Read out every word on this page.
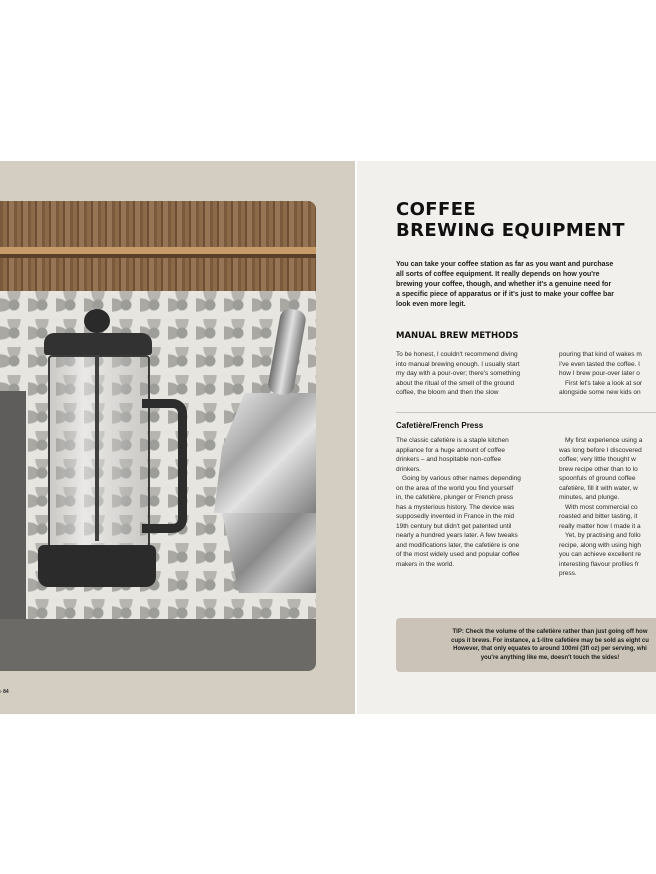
› 84
COFFEE
BREWING EQUIPMENT
You can take your coffee station as far as you want and purchase
all sorts of coffee equipment. It really depends on how you're
brewing your coffee, though, and whether it's a genuine need for
a specific piece of apparatus or if it's just to make your coffee bar
look even more legit.
MANUAL BREW METHODS
To be honest, I couldn't recommend diving
into manual brewing enough. I usually start
my day with a pour-over; there's something
about the ritual of the smell of the ground
coffee, the bloom and then the slow
pouring that kind of wakes m
I've even tasted the coffee. I
how I brew pour-over later o
First let's take a look at sor
alongside some new kids on
Cafetière/French Press
The classic cafetière is a staple kitchen
appliance for a huge amount of coffee
drinkers – and hospitable non-coffee
drinkers.
Going by various other names depending
on the area of the world you find yourself
in, the cafetière, plunger or French press
has a mysterious history. The device was
supposedly invented in France in the mid
19th century but didn't get patented until
nearly a hundred years later. A few tweaks
and modifications later, the cafetière is one
of the most widely used and popular coffee
makers in the world.
My first experience using a
was long before I discovered
coffee; very little thought w
brew recipe other than to lo
spoonfuls of ground coffee
cafetière, fill it with water, w
minutes, and plunge.
With most commercial co
roasted and bitter tasting, it
really matter how I made it a
Yet, by practising and follo
recipe, along with using high
you can achieve excellent re
interesting flavour profiles fr
press.
TIP: Check the volume of the cafetière rather than just going off how
cups it brews. For instance, a 1-litre cafetière may be sold as eight cu
However, that only equates to around 100ml (3fl oz) per serving, whi
you're anything like me, doesn't touch the sides!
